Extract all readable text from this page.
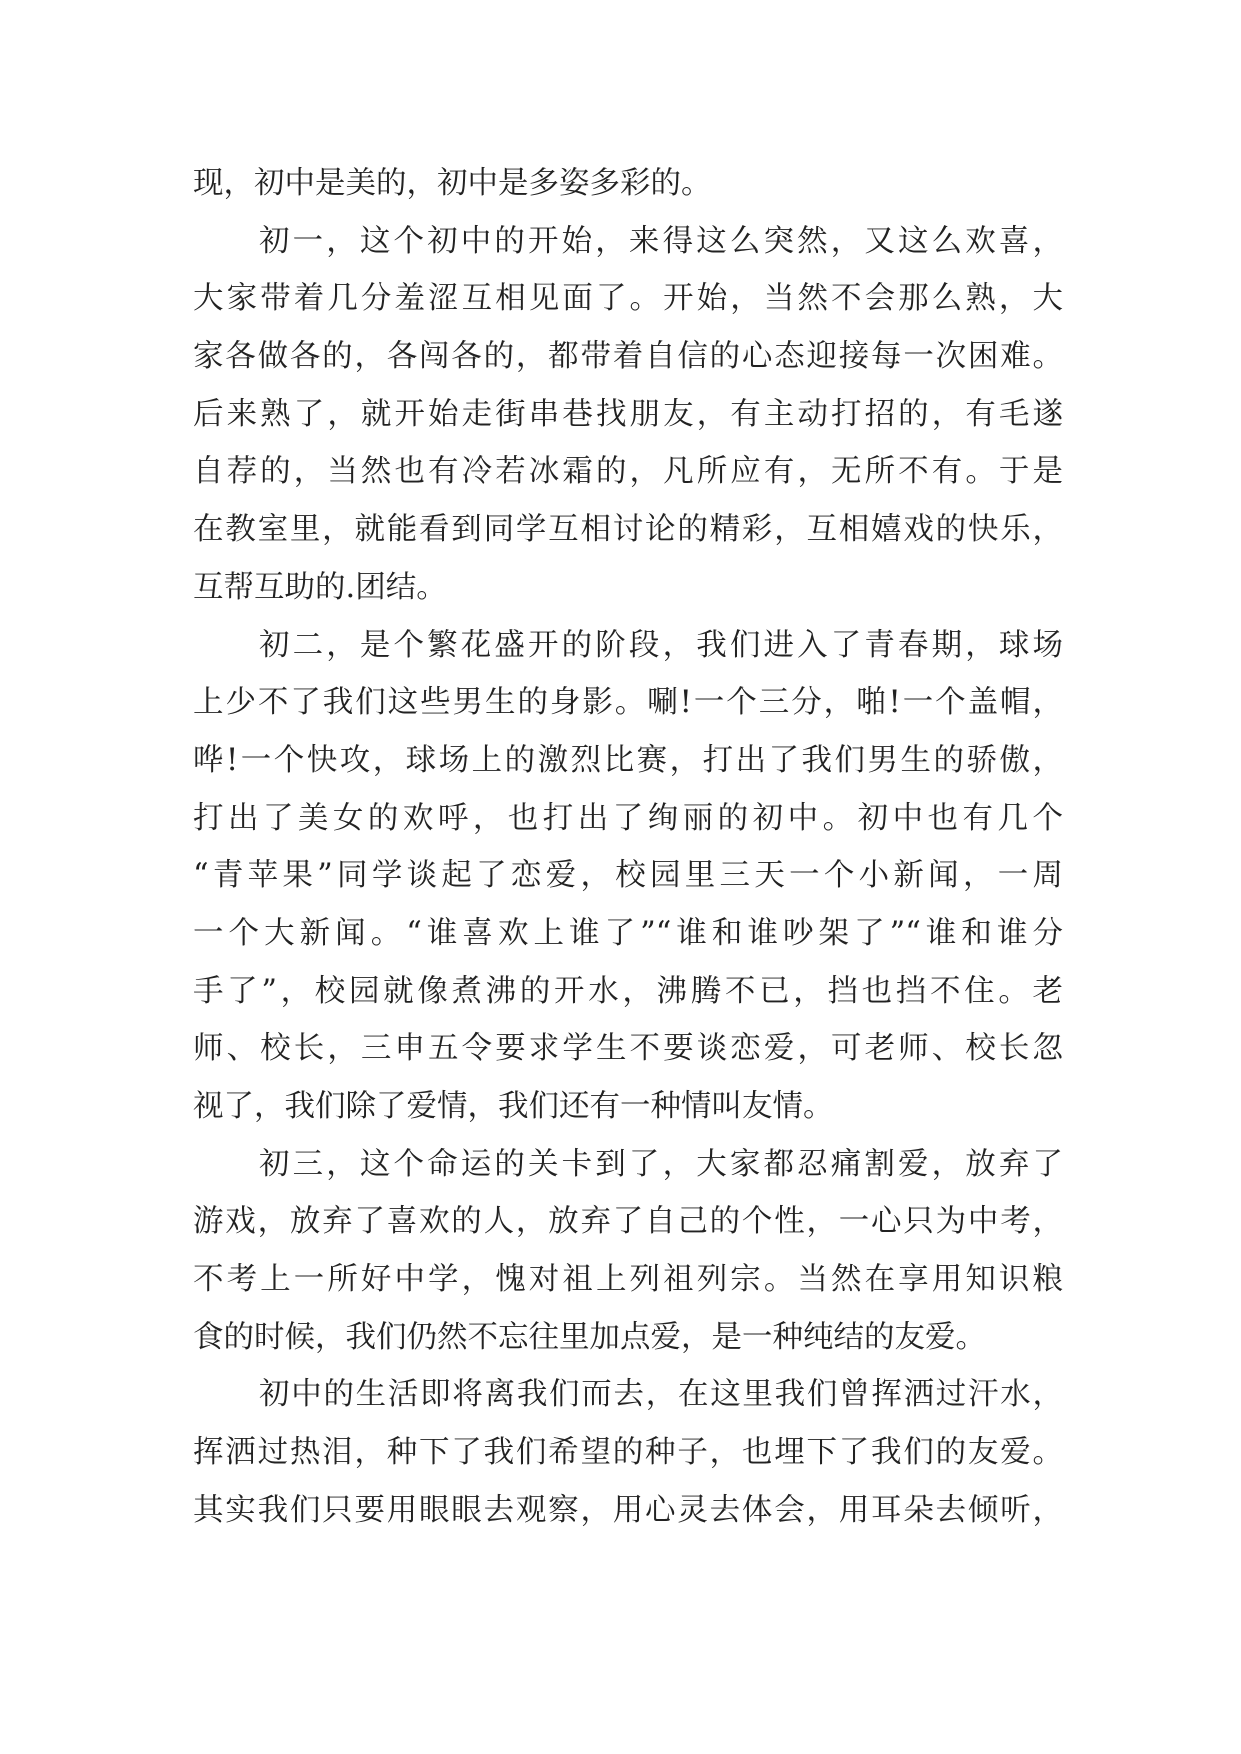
现，初中是美的，初中是多姿多彩的。
初一，这个初中的开始，来得这么突然，又这么欢喜，
大家带着几分羞涩互相见面了。开始，当然不会那么熟，大
家各做各的，各闯各的，都带着自信的心态迎接每一次困难。
后来熟了，就开始走街串巷找朋友，有主动打招的，有毛遂
自荐的，当然也有冷若冰霜的，凡所应有，无所不有。于是
在教室里，就能看到同学互相讨论的精彩，互相嬉戏的快乐，
互帮互助的.团结。
初二，是个繁花盛开的阶段，我们进入了青春期，球场
上少不了我们这些男生的身影。唰!一个三分，啪!一个盖帽，
哗!一个快攻，球场上的激烈比赛，打出了我们男生的骄傲，
打出了美女的欢呼，也打出了绚丽的初中。初中也有几个
“青苹果”同学谈起了恋爱，校园里三天一个小新闻，一周
一个大新闻。“谁喜欢上谁了”“谁和谁吵架了”“谁和谁分
手了”，校园就像煮沸的开水，沸腾不已，挡也挡不住。老
师、校长，三申五令要求学生不要谈恋爱，可老师、校长忽
视了，我们除了爱情，我们还有一种情叫友情。
初三，这个命运的关卡到了，大家都忍痛割爱，放弃了
游戏，放弃了喜欢的人，放弃了自己的个性，一心只为中考，
不考上一所好中学，愧对祖上列祖列宗。当然在享用知识粮
食的时候，我们仍然不忘往里加点爱，是一种纯结的友爱。
初中的生活即将离我们而去，在这里我们曾挥洒过汗水，
挥洒过热泪，种下了我们希望的种子，也埋下了我们的友爱。
其实我们只要用眼眼去观察，用心灵去体会，用耳朵去倾听，
